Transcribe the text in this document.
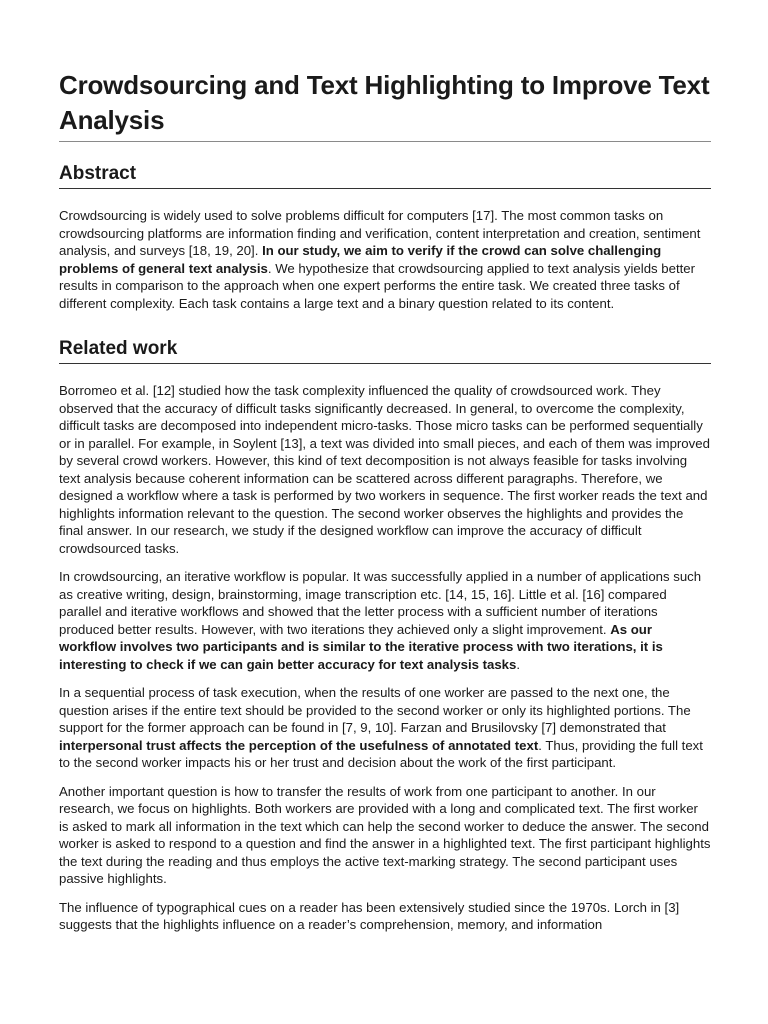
Crowdsourcing and Text Highlighting to Improve Text Analysis
Abstract

Crowdsourcing is widely used to solve problems difficult for computers [17]. The most common tasks on crowdsourcing platforms are information finding and verification, content interpretation and creation, sentiment analysis, and surveys [18, 19, 20]. In our study, we aim to verify if the crowd can solve challenging problems of general text analysis. We hypothesize that crowdsourcing applied to text analysis yields better results in comparison to the approach when one expert performs the entire task. We created three tasks of different complexity. Each task contains a large text and a binary question related to its content.

Related work

Borromeo et al. [12] studied how the task complexity influenced the quality of crowdsourced work. They observed that the accuracy of difficult tasks significantly decreased. In general, to overcome the complexity, difficult tasks are decomposed into independent micro-tasks. Those micro tasks can be performed sequentially or in parallel. For example, in Soylent [13], a text was divided into small pieces, and each of them was improved by several crowd workers. However, this kind of text decomposition is not always feasible for tasks involving text analysis because coherent information can be scattered across different paragraphs. Therefore, we designed a workflow where a task is performed by two workers in sequence. The first worker reads the text and highlights information relevant to the question. The second worker observes the highlights and provides the final answer. In our research, we study if the designed workflow can improve the accuracy of difficult crowdsourced tasks.

In crowdsourcing, an iterative workflow is popular. It was successfully applied in a number of applications such as creative writing, design, brainstorming, image transcription etc. [14, 15, 16]. Little et al. [16] compared parallel and iterative workflows and showed that the letter process with a sufficient number of iterations produced better results. However, with two iterations they achieved only a slight improvement. As our workflow involves two participants and is similar to the iterative process with two iterations, it is interesting to check if we can gain better accuracy for text analysis tasks.

In a sequential process of task execution, when the results of one worker are passed to the next one, the question arises if the entire text should be provided to the second worker or only its highlighted portions. The support for the former approach can be found in [7, 9, 10]. Farzan and Brusilovsky [7] demonstrated that interpersonal trust affects the perception of the usefulness of annotated text. Thus, providing the full text to the second worker impacts his or her trust and decision about the work of the first participant.

Another important question is how to transfer the results of work from one participant to another. In our research, we focus on highlights. Both workers are provided with a long and complicated text. The first worker is asked to mark all information in the text which can help the second worker to deduce the answer. The second worker is asked to respond to a question and find the answer in a highlighted text. The first participant highlights the text during the reading and thus employs the active text-marking strategy. The second participant uses passive highlights.

The influence of typographical cues on a reader has been extensively studied since the 1970s. Lorch in [3] suggests that the highlights influence on a reader’s comprehension, memory, and information
